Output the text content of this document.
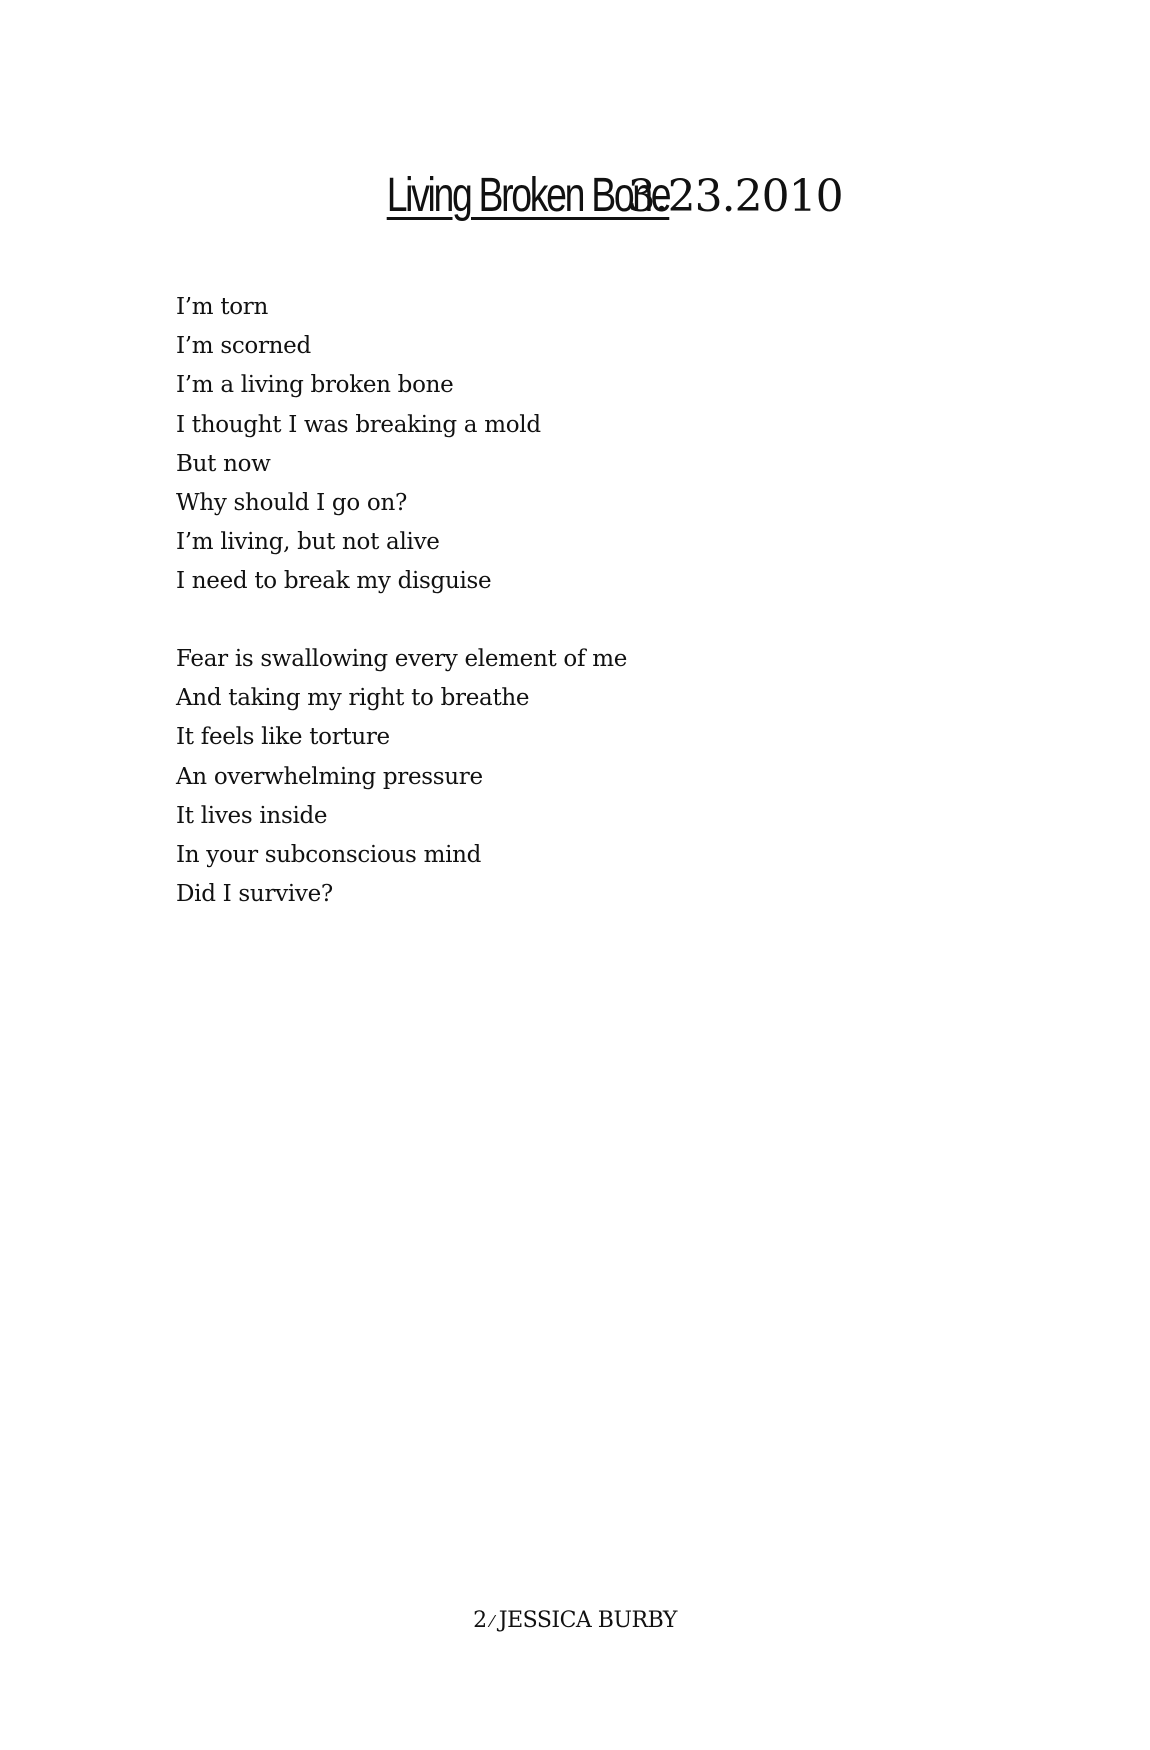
Living Broken Bone 3.23.2010
I’m torn
I’m scorned
I’m a living broken bone
I thought I was breaking a mold
But now
Why should I go on?
I’m living, but not alive
I need to break my disguise
Fear is swallowing every element of me
And taking my right to breathe
It feels like torture
An overwhelming pressure
It lives inside
In your subconscious mind
Did I survive?
2 ⁄ JESSICA BURBY
